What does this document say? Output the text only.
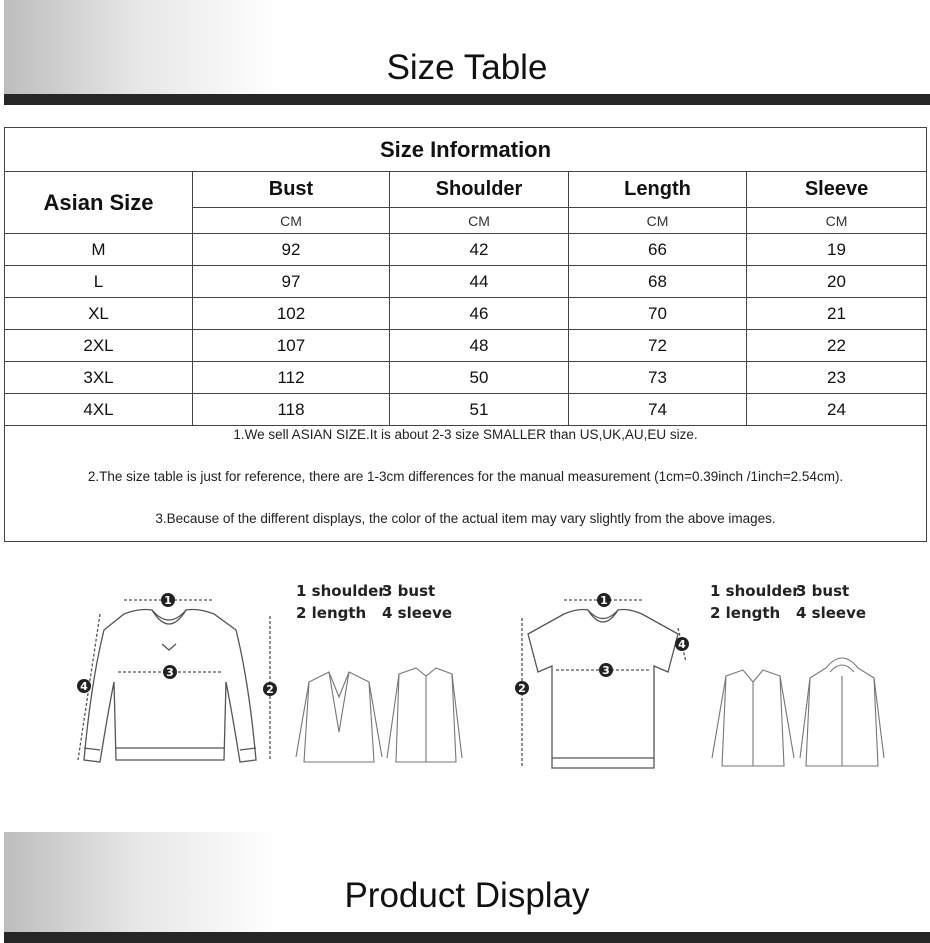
Size Table
Size Information				
Asian Size	Bust	Shoulder	Length	Sleeve
	CM	CM	CM	CM
M	92	42	66	19
L	97	44	68	20
XL	102	46	70	21
2XL	107	48	72	22
3XL	112	50	73	23
4XL	118	51	74	24

1.We sell ASIAN SIZE.It is about 2-3 size SMALLER than US,UK,AU,EU size.
2.The size table is just for reference, there are 1-3cm differences for the manual measurement (1cm=0.39inch /1inch=2.54cm).
3.Because of the different displays, the color of the actual item may vary slightly from the above images.				
1
2
3
4
1 shoulder
3 bust
2 length 4 sleeve
1
2
3
4
1 shoulder
3 bust
2 length 4 sleeve
Product Display
